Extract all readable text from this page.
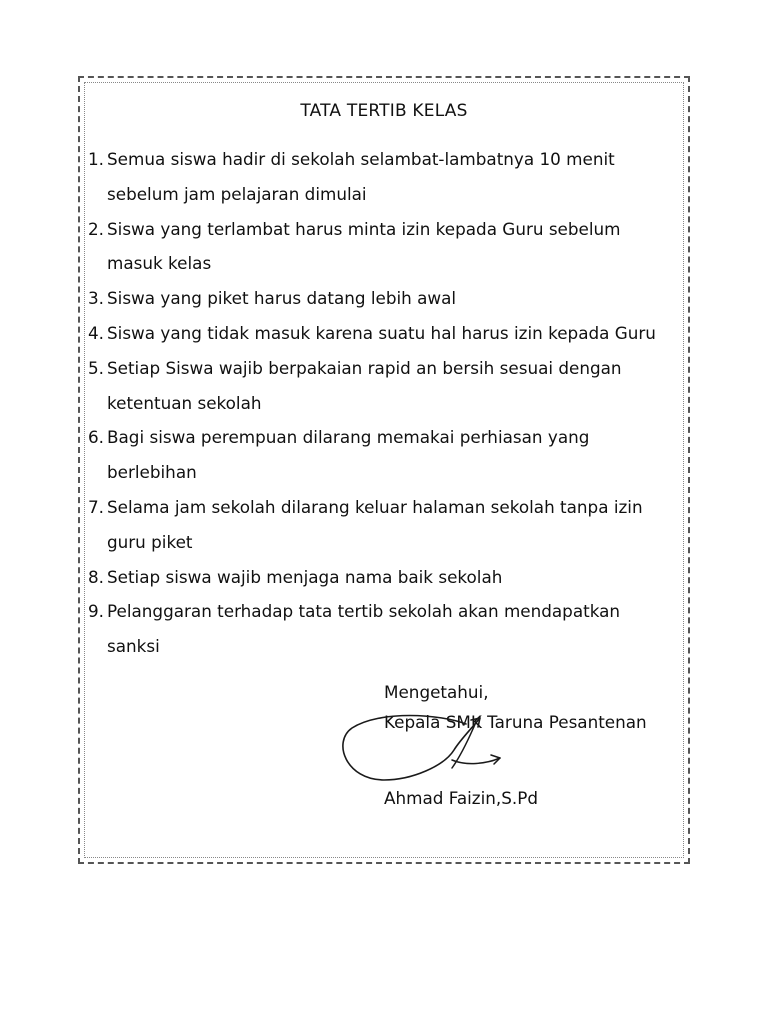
TATA TERTIB KELAS
1. Semua siswa hadir di sekolah selambat-lambatnya 10 menit sebelum jam pelajaran dimulai
2. Siswa yang terlambat harus minta izin kepada Guru sebelum masuk kelas
3. Siswa yang piket harus datang lebih awal
4. Siswa yang tidak masuk karena suatu hal harus izin kepada Guru
5. Setiap Siswa wajib berpakaian rapid an bersih sesuai dengan ketentuan sekolah
6. Bagi siswa perempuan dilarang memakai perhiasan yang berlebihan
7. Selama jam sekolah dilarang keluar halaman sekolah tanpa izin guru piket
8. Setiap siswa wajib menjaga nama baik sekolah
9. Pelanggaran terhadap tata tertib sekolah akan mendapatkan sanksi
Mengetahui,
Kepala SMK Taruna Pesantenan
Ahmad Faizin,S.Pd
